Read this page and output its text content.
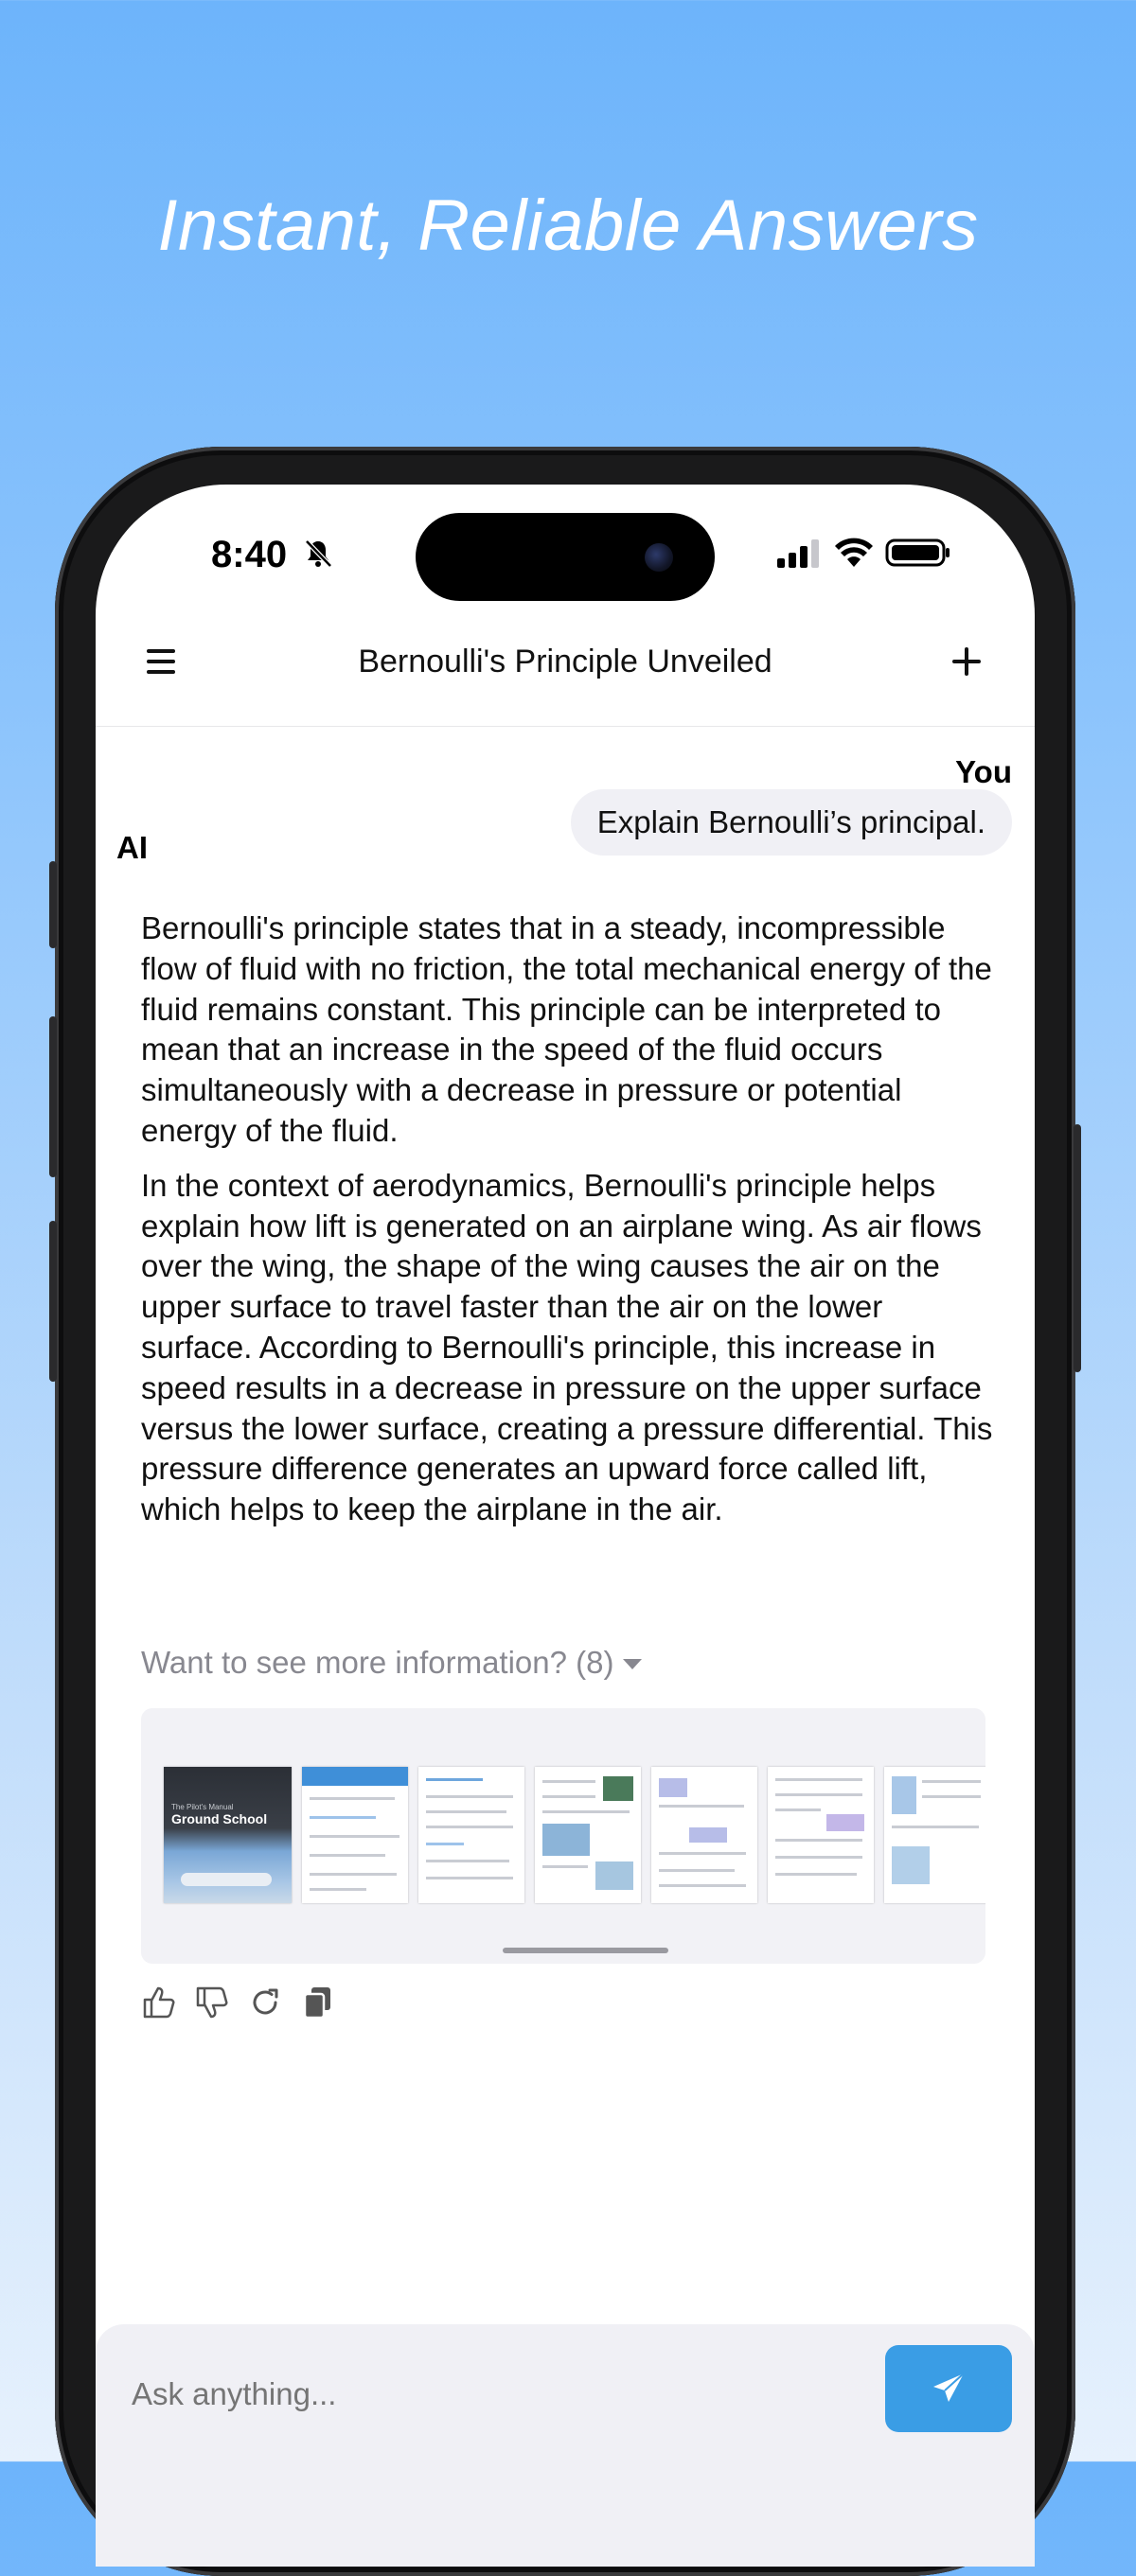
Instant, Reliable Answers
8:40
Bernoulli's Principle Unveiled
You
Explain Bernoulli’s principal.
AI

Bernoulli's principle states that in a steady, incompressible flow of fluid with no friction, the total mechanical energy of the fluid remains constant. This principle can be interpreted to mean that an increase in the speed of the fluid occurs simultaneously with a decrease in pressure or potential energy of the fluid.

In the context of aerodynamics, Bernoulli's principle helps explain how lift is generated on an airplane wing. As air flows over the wing, the shape of the wing causes the air on the upper surface to travel faster than the air on the lower surface. According to Bernoulli's principle, this increase in speed results in a decrease in pressure on the upper surface versus the lower surface, creating a pressure differential. This pressure difference generates an upward force called lift, which helps to keep the airplane in the air.

Want to see more information? (8)
The Pilot's Manual
Ground School
Ask anything...
